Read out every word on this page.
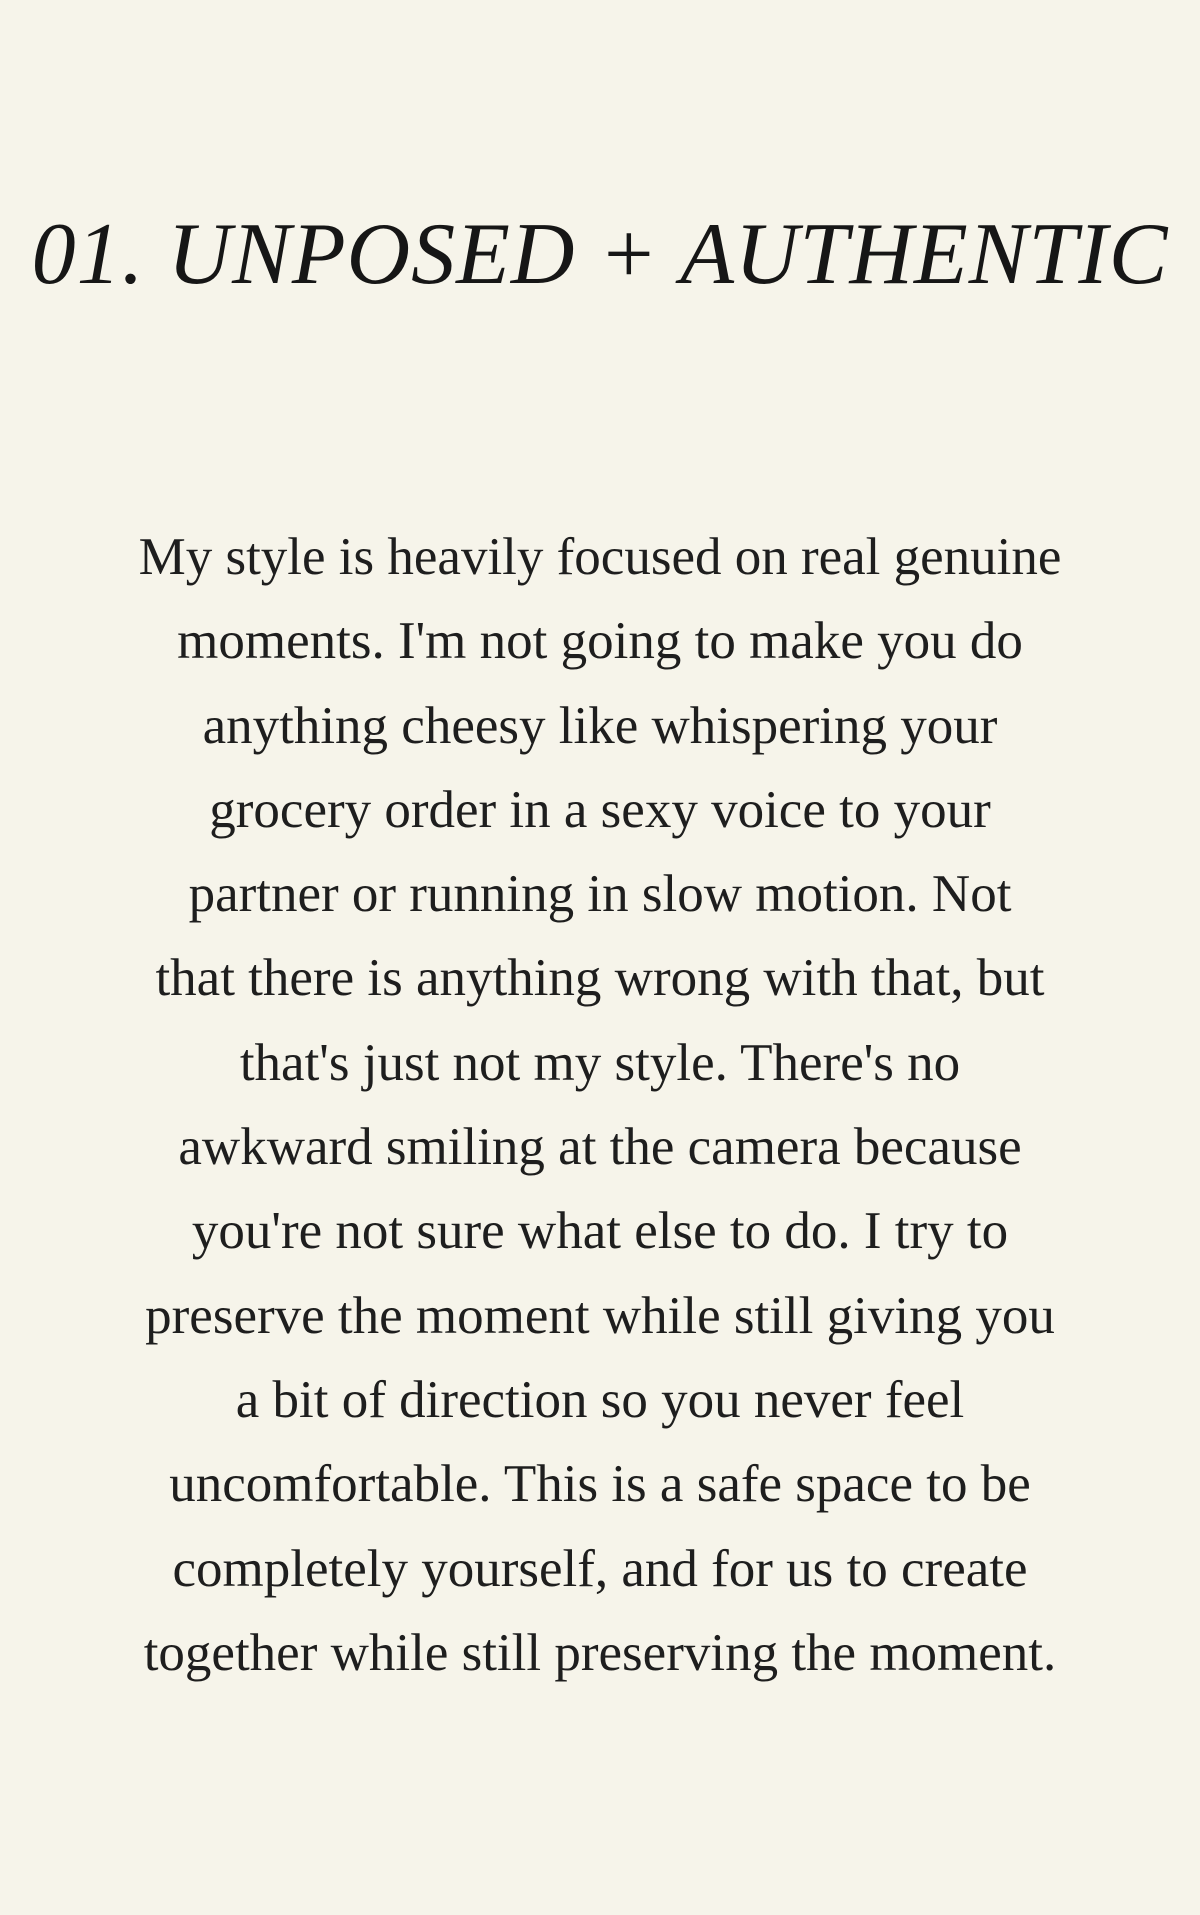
01. UNPOSED + AUTHENTIC

My style is heavily focused on real genuine
moments. I'm not going to make you do
anything cheesy like whispering your
grocery order in a sexy voice to your
partner or running in slow motion. Not
that there is anything wrong with that, but
that's just not my style. There's no
awkward smiling at the camera because
you're not sure what else to do. I try to
preserve the moment while still giving you
a bit of direction so you never feel
uncomfortable. This is a safe space to be
completely yourself, and for us to create
together while still preserving the moment.
